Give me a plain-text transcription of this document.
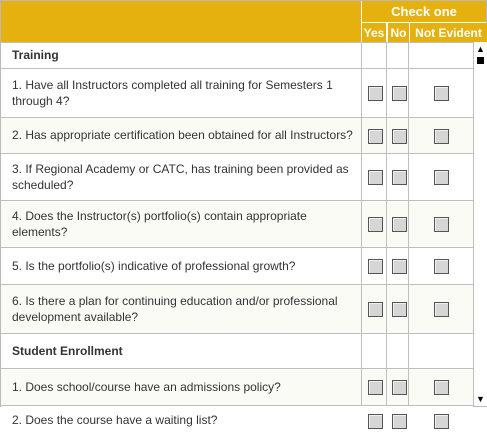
Check one
Yes No Not Evident
Training
1. Have all Instructors completed all training for Semesters 1 through 4?
2. Has appropriate certification been obtained for all Instructors?
3. If Regional Academy or CATC, has training been provided as scheduled?
4. Does the Instructor(s) portfolio(s) contain appropriate elements?
5. Is the portfolio(s) indicative of professional growth?
6. Is there a plan for continuing education and/or professional development available?
Student Enrollment
1. Does school/course have an admissions policy?
2. Does the course have a waiting list?
▲
▼
